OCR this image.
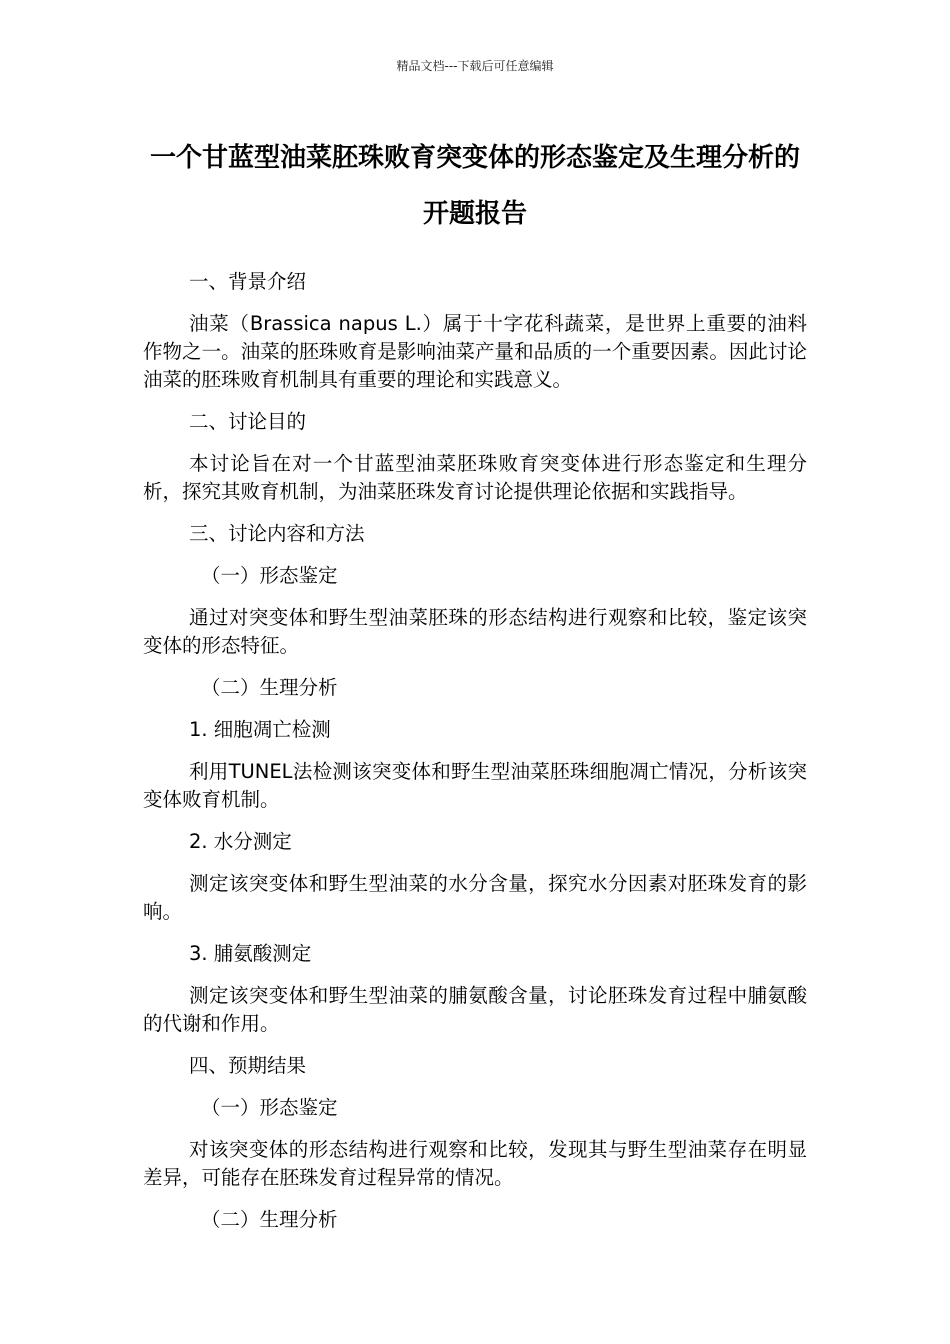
精品文档---下载后可任意编辑
一个甘蓝型油菜胚珠败育突变体的形态鉴定及生理分析的开题报告

一、背景介绍

油菜（Brassica napus L.）属于十字花科蔬菜，是世界上重要的油料作物之一。油菜的胚珠败育是影响油菜产量和品质的一个重要因素。因此讨论油菜的胚珠败育机制具有重要的理论和实践意义。

二、讨论目的

本讨论旨在对一个甘蓝型油菜胚珠败育突变体进行形态鉴定和生理分析，探究其败育机制，为油菜胚珠发育讨论提供理论依据和实践指导。

三、讨论内容和方法

（一）形态鉴定

通过对突变体和野生型油菜胚珠的形态结构进行观察和比较，鉴定该突变体的形态特征。

（二）生理分析

1. 细胞凋亡检测

利用TUNEL法检测该突变体和野生型油菜胚珠细胞凋亡情况，分析该突变体败育机制。

2. 水分测定

测定该突变体和野生型油菜的水分含量，探究水分因素对胚珠发育的影响。

3. 脯氨酸测定

测定该突变体和野生型油菜的脯氨酸含量，讨论胚珠发育过程中脯氨酸的代谢和作用。

四、预期结果

（一）形态鉴定

对该突变体的形态结构进行观察和比较，发现其与野生型油菜存在明显差异，可能存在胚珠发育过程异常的情况。

（二）生理分析
